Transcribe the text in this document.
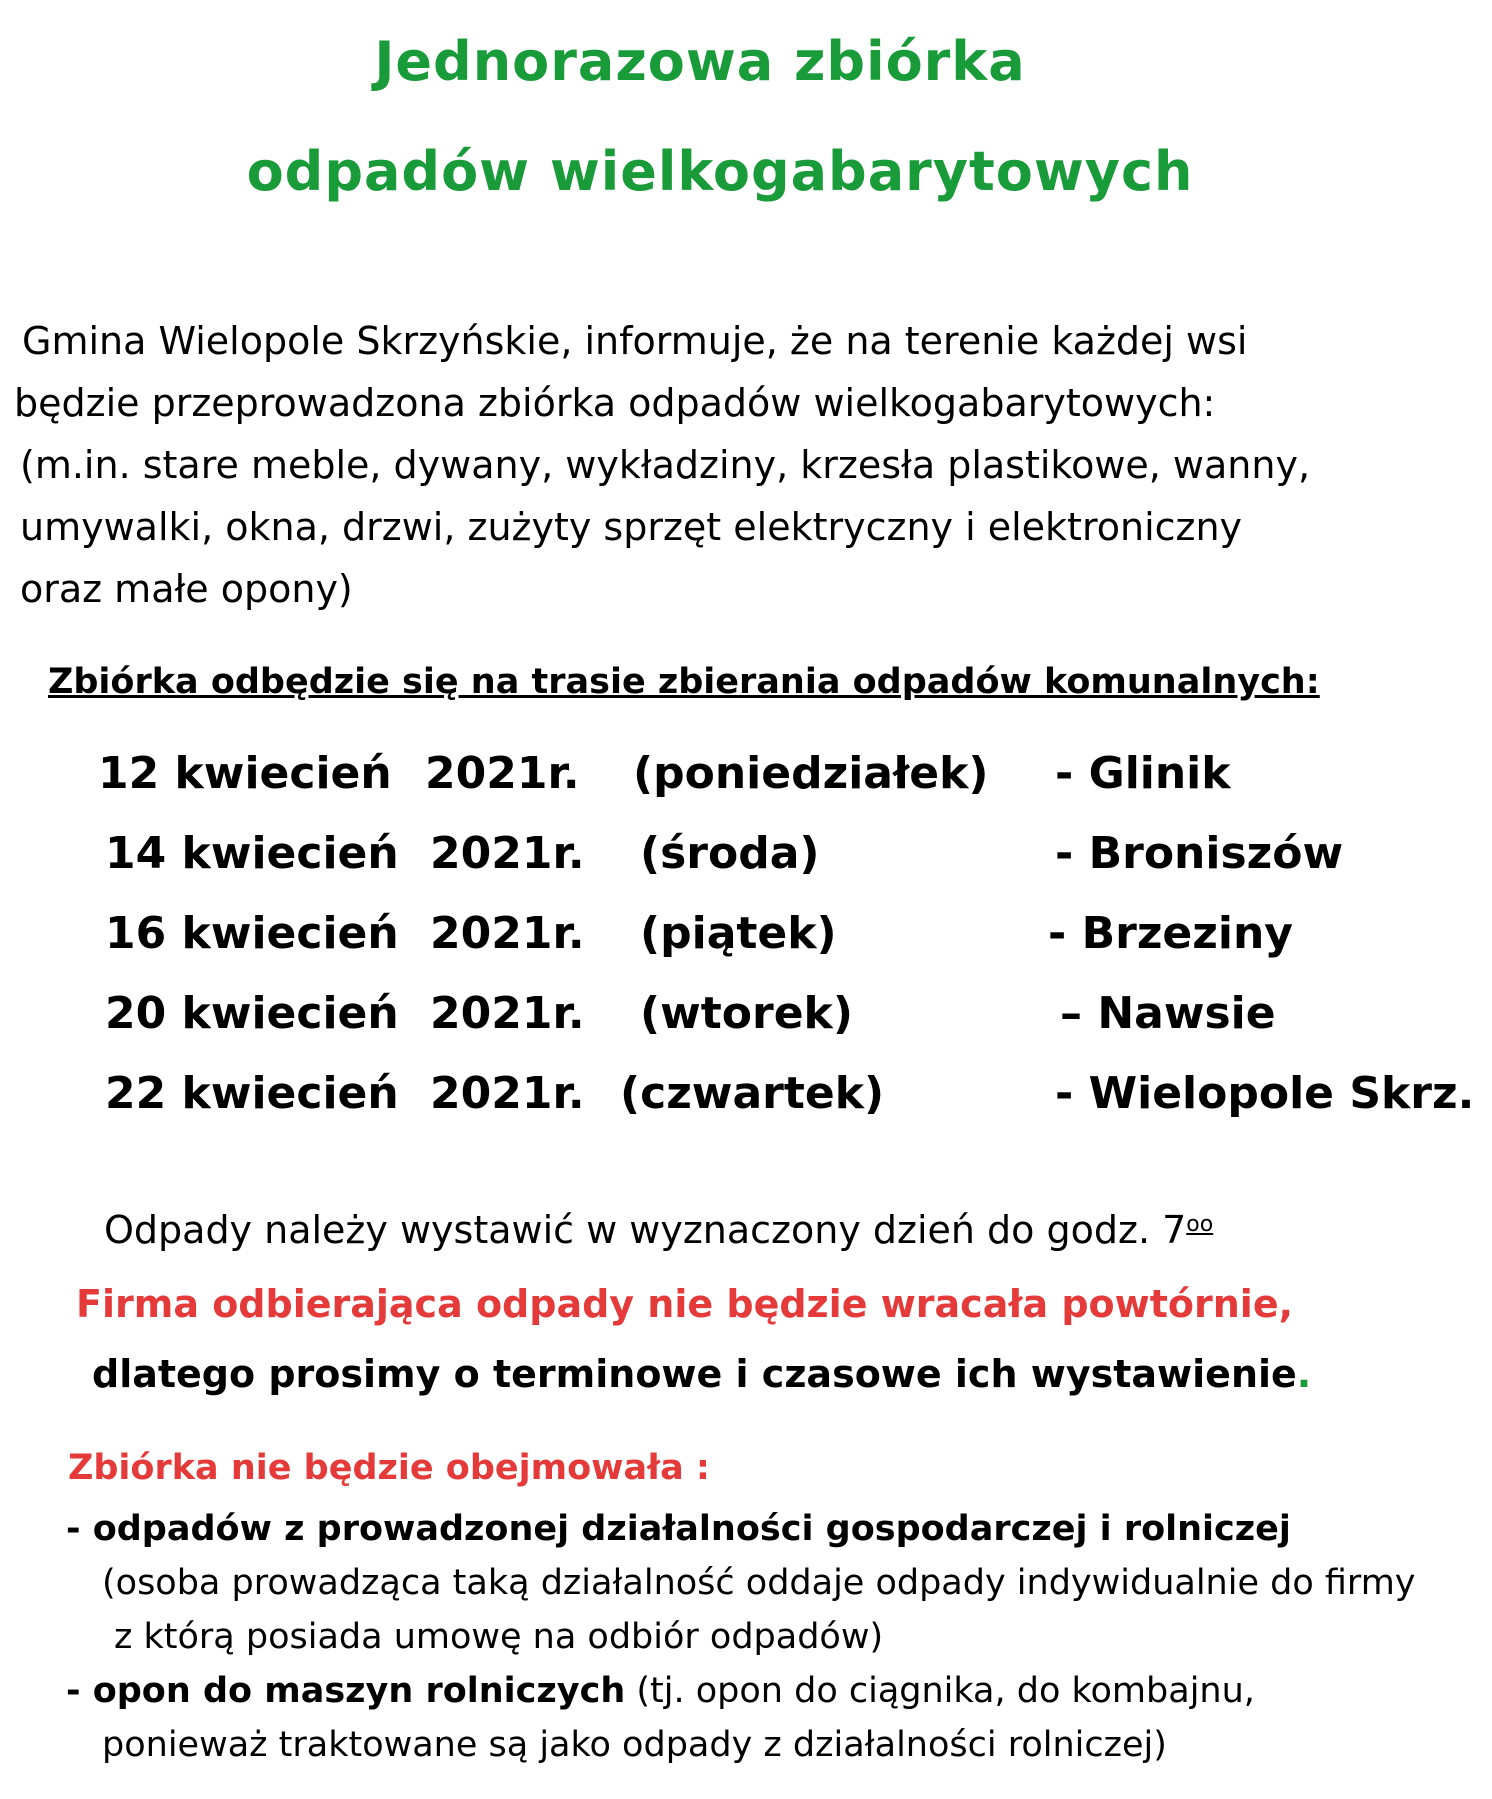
Jednorazowa zbiórka
odpadów wielkogabarytowych
Gmina Wielopole Skrzyńskie, informuje, że na terenie każdej wsi
będzie przeprowadzona zbiórka odpadów wielkogabarytowych:
(m.in. stare meble, dywany, wykładziny, krzesła plastikowe, wanny,
umywalki, okna, drzwi, zużyty sprzęt elektryczny i elektroniczny
oraz małe opony)
Zbiórka odbędzie się na trasie zbierania odpadów komunalnych:
12 kwiecień 2021r. (poniedziałek) - Glinik
14 kwiecień 2021r. (środa)	- Broniszów
16 kwiecień 2021r. (piątek)	- Brzeziny
20 kwiecień 2021r. (wtorek)	– Nawsie
22 kwiecień 2021r. (czwartek)	- Wielopole Skrz.
Odpady należy wystawić w wyznaczony dzień do godz. $7^{oo}$
Firma odbierająca odpady nie będzie wracała powtórnie,
dlatego prosimy o terminowe i czasowe ich wystawienie.
Zbiórka nie będzie obejmowała :
- odpadów z prowadzonej działalności gospodarczej i rolniczej
(osoba prowadząca taką działalność oddaje odpady indywidualnie do firmy
z którą posiada umowę na odbiór odpadów)
- opon do maszyn rolniczych (tj. opon do ciągnika, do kombajnu,
ponieważ traktowane są jako odpady z działalności rolniczej)
